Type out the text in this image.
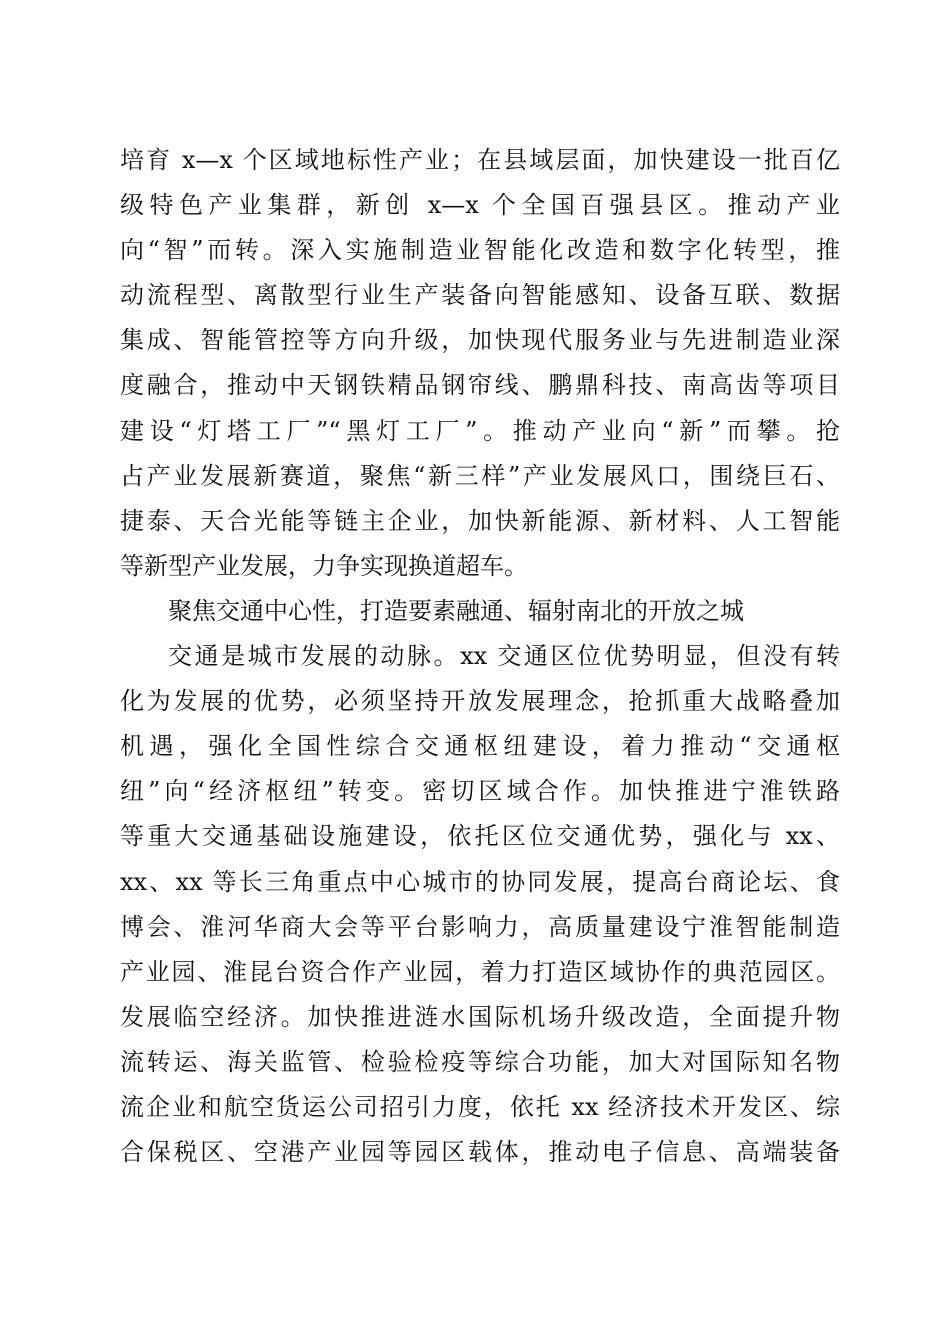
培育 x—x 个区域地标性产业；在县域层面，加快建设一批百亿
级特色产业集群，新创 x—x 个全国百强县区。推动产业
向“智”而转。深入实施制造业智能化改造和数字化转型，推
动流程型、离散型行业生产装备向智能感知、设备互联、数据
集成、智能管控等方向升级，加快现代服务业与先进制造业深
度融合，推动中天钢铁精品钢帘线、鹏鼎科技、南高齿等项目
建设“灯塔工厂”“黑灯工厂”。推动产业向“新”而攀。抢
占产业发展新赛道，聚焦“新三样”产业发展风口，围绕巨石、
捷泰、天合光能等链主企业，加快新能源、新材料、人工智能
等新型产业发展，力争实现换道超车。
聚焦交通中心性，打造要素融通、辐射南北的开放之城
交通是城市发展的动脉。xx 交通区位优势明显，但没有转
化为发展的优势，必须坚持开放发展理念，抢抓重大战略叠加
机遇，强化全国性综合交通枢纽建设，着力推动“交通枢
纽”向“经济枢纽”转变。密切区域合作。加快推进宁淮铁路
等重大交通基础设施建设，依托区位交通优势，强化与 xx、
xx、xx 等长三角重点中心城市的协同发展，提高台商论坛、食
博会、淮河华商大会等平台影响力，高质量建设宁淮智能制造
产业园、淮昆台资合作产业园，着力打造区域协作的典范园区。
发展临空经济。加快推进涟水国际机场升级改造，全面提升物
流转运、海关监管、检验检疫等综合功能，加大对国际知名物
流企业和航空货运公司招引力度，依托 xx 经济技术开发区、综
合保税区、空港产业园等园区载体，推动电子信息、高端装备
